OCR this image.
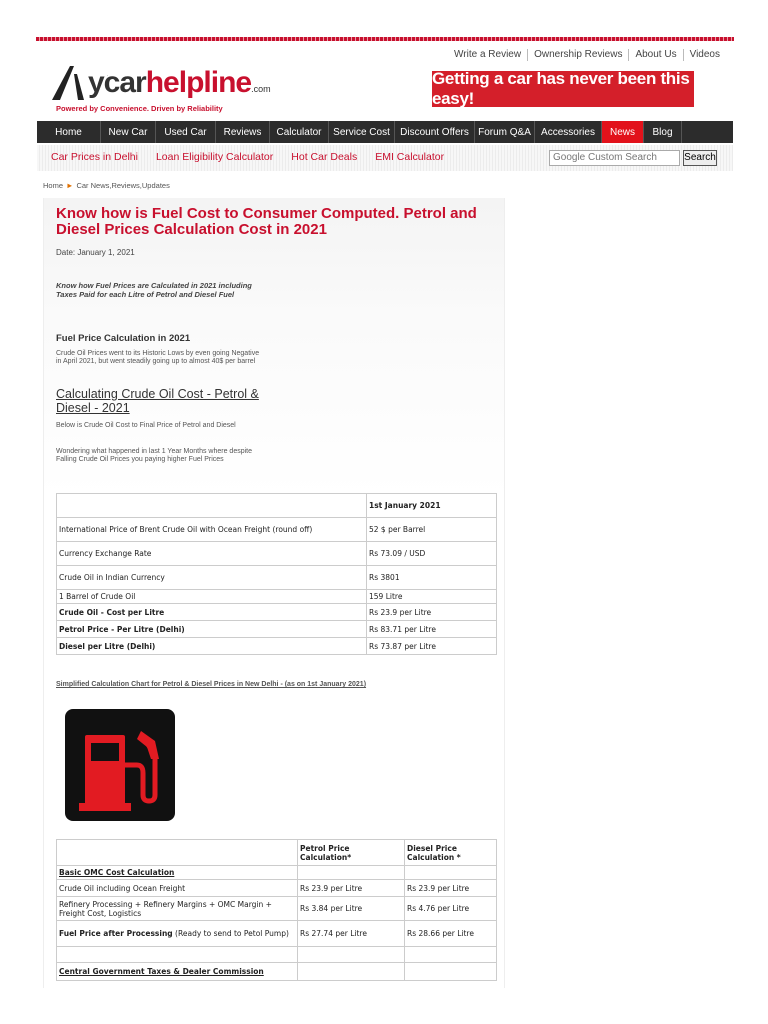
Write a Review	Ownership Reviews	About Us	Videos
ycarhelpline.com
Powered by Convenience. Driven by Reliability
Getting a car has never been this easy!
Home	New Car	Used Car	Reviews	Calculator	Service Cost	Discount Offers Forum Q&A	Accessories	News	Blog
Car Prices in Delhi Loan Eligibility Calculator Hot Car Deals EMI Calculator	Google Custom Search	Search
Home ► Car News,Reviews,Updates
Know how is Fuel Cost to Consumer Computed. Petrol and Diesel Prices Calculation Cost in 2021
Date: January 1, 2021
Know how Fuel Prices are Calculated in 2021 including Taxes Paid for each Litre of Petrol and Diesel Fuel
Fuel Price Calculation in 2021
Crude Oil Prices went to its Historic Lows by even going Negative in April 2021, but went steadily going up to almost 40$ per barrel
Calculating Crude Oil Cost - Petrol & Diesel - 2021
Below is Crude Oil Cost to Final Price of Petrol and Diesel
Wondering what happened in last 1 Year Months where despite Falling Crude Oil Prices you paying higher Fuel Prices
	1st January 2021
International Price of Brent Crude Oil with Ocean Freight (round off)	52 $ per Barrel
Currency Exchange Rate	Rs 73.09 / USD
Crude Oil in Indian Currency	Rs 3801
1 Barrel of Crude Oil	159 Litre
Crude Oil - Cost per Litre	Rs 23.9 per Litre
Petrol Price - Per Litre (Delhi)	Rs 83.71 per Litre
Diesel per Litre (Delhi)	Rs 73.87 per Litre
Simplified Calculation Chart for Petrol & Diesel Prices in New Delhi - (as on 1st January 2021)
	Petrol Price Calculation*	Diesel Price Calculation *
Basic OMC Cost Calculation		
Crude Oil including Ocean Freight	Rs 23.9 per Litre	Rs 23.9 per Litre
Refinery Processing + Refinery Margins + OMC Margin + Freight Cost, Logistics	Rs 3.84 per Litre	Rs 4.76 per Litre
Fuel Price after Processing (Ready to send to Petol Pump)	Rs 27.74 per Litre	Rs 28.66 per Litre

Central Government Taxes & Dealer Commission		
